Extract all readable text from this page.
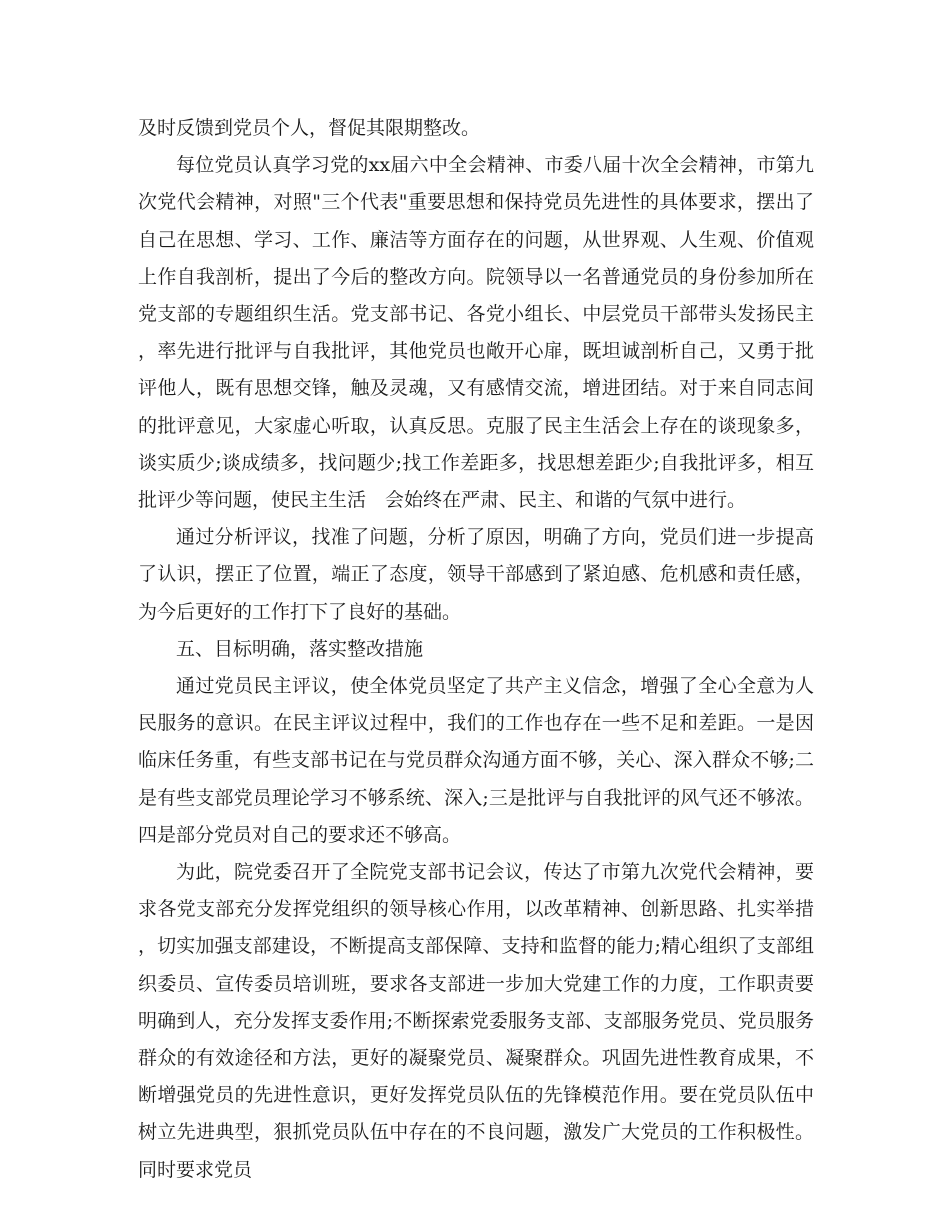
及时反馈到党员个人，督促其限期整改。

每位党员认真学习党的xx届六中全会精神、市委八届十次全会精神，市第九次党代会精神，对照"三个代表"重要思想和保持党员先进性的具体要求，摆出了自己在思想、学习、工作、廉洁等方面存在的问题，从世界观、人生观、价值观上作自我剖析，提出了今后的整改方向。院领导以一名普通党员的身份参加所在党支部的专题组织生活。党支部书记、各党小组长、中层党员干部带头发扬民主，率先进行批评与自我批评，其他党员也敞开心扉，既坦诚剖析自己，又勇于批评他人，既有思想交锋，触及灵魂，又有感情交流，增进团结。对于来自同志间的批评意见，大家虚心听取，认真反思。克服了民主生活会上存在的谈现象多，谈实质少;谈成绩多，找问题少;找工作差距多，找思想差距少;自我批评多，相互批评少等问题，使民主生活　会始终在严肃、民主、和谐的气氛中进行。

通过分析评议，找准了问题，分析了原因，明确了方向，党员们进一步提高了认识，摆正了位置，端正了态度，领导干部感到了紧迫感、危机感和责任感，为今后更好的工作打下了良好的基础。

五、目标明确，落实整改措施

通过党员民主评议，使全体党员坚定了共产主义信念，增强了全心全意为人民服务的意识。在民主评议过程中，我们的工作也存在一些不足和差距。一是因临床任务重，有些支部书记在与党员群众沟通方面不够，关心、深入群众不够;二是有些支部党员理论学习不够系统、深入;三是批评与自我批评的风气还不够浓。四是部分党员对自己的要求还不够高。

为此，院党委召开了全院党支部书记会议，传达了市第九次党代会精神，要求各党支部充分发挥党组织的领导核心作用，以改革精神、创新思路、扎实举措，切实加强支部建设，不断提高支部保障、支持和监督的能力;精心组织了支部组织委员、宣传委员培训班，要求各支部进一步加大党建工作的力度，工作职责要明确到人，充分发挥支委作用;不断探索党委服务支部、支部服务党员、党员服务群众的有效途径和方法，更好的凝聚党员、凝聚群众。巩固先进性教育成果，不断增强党员的先进性意识，更好发挥党员队伍的先锋模范作用。要在党员队伍中树立先进典型，狠抓党员队伍中存在的不良问题，激发广大党员的工作积极性。同时要求党员
